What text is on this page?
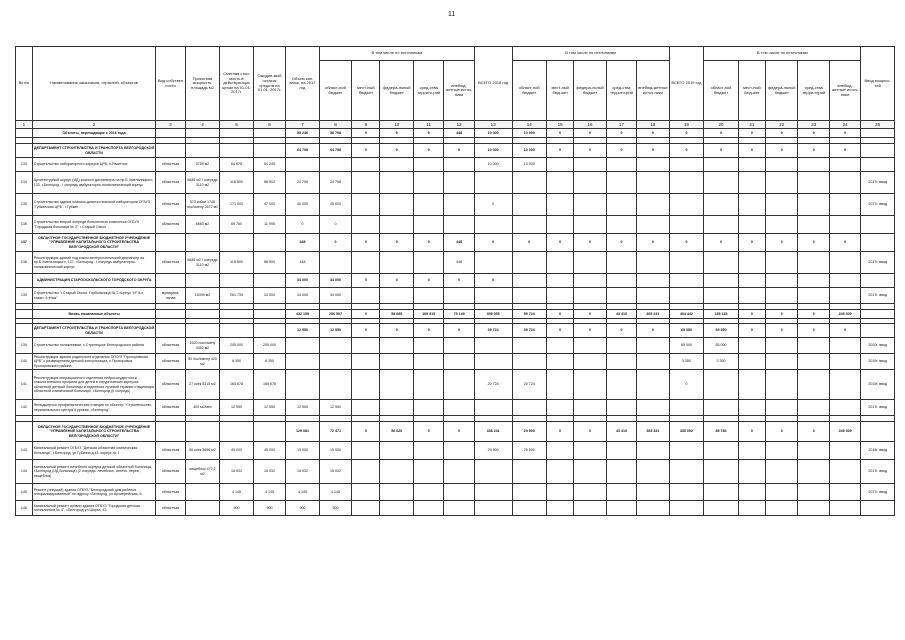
11
№ п/п	Наименование заказчиков, отраслей, объектов	Вид собствен ности	Проектная мощность, площадь м2	Сметная стои-мость в действую-щих ценах на 01.01. 2017г.	Ожидае-мый остаток средств на 01.01. 2017г.	Объем кап. влож. на 2017 год	В том числе по источникам					ВСЕГО 2018 год	В том числе по источникам					ВСЕГО 2019 год	В том числе по источникам					Ввод мощнос-тей
							област-ной бюджет	мест-ный бюджет	федера-льный бюджет	сред-ства террито-рий	внебюд-жетные источ-ники		област-ной бюджет	мест-ный бюд-жет	федера-льный бюджет	сред-ства террито-рий	внебюд-жетные источ-ники		област-ной бюджет	мест-ный бюд-жет	федера-льный бюджет	сред-ства терри-торий	внебюд-жетные источ-ники	
1	2	3	4	5	6	7	8	9	10	11	12	13	14	15	16	17	18	19	20	21	22	23	24	25
	Объекты, переходящие с 2016 года					55 246	58 798	0	0	0	448	10 000	10 000	0	0	0	0	0	0	0	0	0	0	

	ДЕПАРТАМЕНТ СТРОИТЕЛЬСТВА И ТРАНСПОРТА БЕЛГОРОДСКОЙ ОБЛАСТИ					64 798	64 798	0	0	0	0	10 000	10 000	0	0	0	0	0	0	0	0	0	0	
133	Строительство лабораторного корпуса ЦРБ, п.Ракитное	областная	3759 м2	64 678	64 245							10 000	10 000											
134	Архитектурный корпус (ИД) кожного диспансера на пр.Б.Хмельницкого, 133, г.Белгород - I очередь амбулаторно-поликлинический корпус	областная	6845 м2 I очередь 3110 м2	116 500	86 502	24 798	24 798																	2017г. ввод
135	Строительство здания клинико-диагностической лаборатории ОГБУЗ "Губкинская ЦРБ", г.Губкин	областная	573 койки 1745 пос/смену 2672 м2	171 000	47 000	40 000	40 000					0												2017г. ввод
136	Строительство второй очереди больничного комплекса ОГБУЗ "Городская больница № 2", г.Старый Оскол	областная	6660 м2	69 780	11 995	0	0																	
137	ОБЛАСТНОЕ ГОСУДАРСТВЕННОЕ БЮДЖЕТНОЕ УЧРЕЖДЕНИЕ "УПРАВЛЕНИЕ КАПИТАЛЬНОГО СТРОИТЕЛЬСТВА БЕЛГОРОДСКОЙ ОБЛАСТИ"					448	0	0	0	0	448	0	0	0	0	0	0	0	0	0	0	0	0	
138	Реконструкция зданий под кожно-венерологический диспансер на пр.Б.Хмельницкого, 137, г.Белгород - I очередь амбулаторно-поликлинический корпус	областная	6845 м2 I очередь 3110 м2	115 500	86 500	448					448													2017г. ввод
	АДМИНИСТРАЦИЯ СТАРООСКОЛЬСКОГО ГОРОДСКОГО ОКРУГА					34 000	34 000	0	0	0	0	0												
139	Строительство "г.Старый Оскол. Горбольница № 2 Корпус "И" 3-х этажн. 6 этаж"	муниципа-льная	16399 м2	261 739	34 000	34 000	34 000																	2017г. ввод

	Вновь начинаемые объекты					432 195	256 507	0	58 685	109 315	75 149	459 055	59 724	0	0	43 410	365 231	404 442	155 133	0	0	0	249 309	

	ДЕПАРТАМЕНТ СТРОИТЕЛЬСТВА И ТРАНСПОРТА БЕЛГОРОДСКОЙ ОБЛАСТИ					12 550	12 550	0	0	0	0	39 724	39 724	0	0	0	0	69 350	69 350	0	0	0	0	
139	Строительство поликлиники, с.Стрелецкое Белгородского района	областная	1520 пос/смену 4352 м2	205 000	205 000													65 000	65 000					2020г. ввод
140	Реконструкция здания родильного отделения ОГБУЗ "Прохоровская ЦРБ" с размещением детской консультации, п.Прохоровка Прохоровского района	областная	50 пос/смену 420 м2	8 350	8 350													3 350	3 350					2019г. ввод
141	Реконструкция операционного отделения нейрососудистого и онкологического профиля для детей в хирургических корпусах областной детской больницы и отделения лучевой терапии стационара областной клинической больницы, г.Белгород (II очередь)	областная	27 коек 5315 м2	165 678	165 678							20 724	20 724					0						2019г. ввод
142	Фельдшерско-профилактическая станция по объекту: "Строительство перинатального центра II уровня, г.Белгород"	областная	400 м2/мес	12 550	12 550	12 550	12 550																	2017г. ввод

	ОБЛАСТНОЕ ГОСУДАРСТВЕННОЕ БЮДЖЕТНОЕ УЧРЕЖДЕНИЕ "УПРАВЛЕНИЕ КАПИТАЛЬНОГО СТРОИТЕЛЬСТВА БЕЛГОРОДСКОЙ ОБЛАСТИ"					129 081	72 471	0	56 620	0	0	438 241	29 500	0	0	43 410	365 331	335 092	85 783	0	0	0	249 309	
143	Капитальный ремонт ОГБУЗ "Детская областная клиническая больница", г.Белгород, ул.Губкина д.44, корпус № 1	областная	50 коек 3696 м2	45 000	45 000	15 500	15 500					29 500	29 500											2018г. ввод
144	Капитальный ремонт лечебного корпуса детской областной больницы, г.Белгород (ИД больница) (2 очередь: лечебных, аптечн. перев., пищеблок)	областная	пищеблок 472,2 м2	15 932	15 932	15 932	15 932																	2017г. ввод
145	Ремонт (текущий) здания ОГБУЗ "Белгородский дом ребенка специализированный" по адресу г.Белгород, ул.Архиерейская, 6	областная		4 145	4 145	4 145	4 145																	2017г. ввод
146	Капитальный ремонт кровли здания ОГБУЗ "Городская детская поликлиника № 4", г.Белгород ул.Шорса, 43	областная		900	900	900	900																	
